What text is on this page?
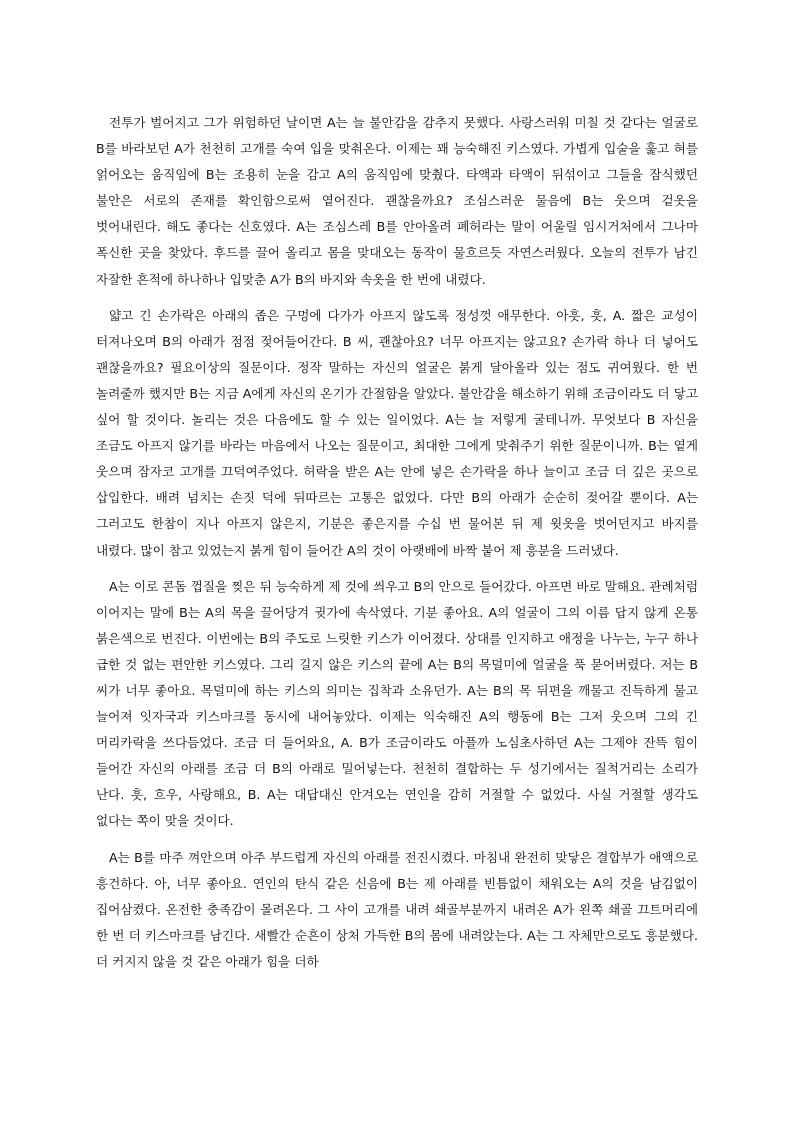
전투가 벌어지고 그가 위험하던 날이면 A는 늘 불안감을 감추지 못했다. 사랑스러워 미칠 것 같다는 얼굴로 B를 바라보던 A가 천천히 고개를 숙여 입을 맞춰온다. 이제는 꽤 능숙해진 키스였다. 가볍게 입술을 훑고 혀를 얽어오는 움직임에 B는 조용히 눈을 감고 A의 움직임에 맞췄다. 타액과 타액이 뒤섞이고 그들을 잠식했던 불안은 서로의 존재를 확인함으로써 옅어진다. 괜찮을까요? 조심스러운 물음에 B는 웃으며 겉옷을 벗어내린다. 해도 좋다는 신호였다. A는 조심스레 B를 안아올려 폐허라는 말이 어울릴 임시거처에서 그나마 폭신한 곳을 찾았다. 후드를 끌어 올리고 몸을 맞대오는 동작이 물흐르듯 자연스러웠다. 오늘의 전투가 남긴 자잘한 흔적에 하나하나 입맞춘 A가 B의 바지와 속옷을 한 번에 내렸다.

얇고 긴 손가락은 아래의 좁은 구멍에 다가가 아프지 않도록 정성껏 애무한다. 아흣, 흣, A. 짧은 교성이 터져나오며 B의 아래가 점점 젖어들어간다. B 씨, 괜찮아요? 너무 아프지는 않고요? 손가락 하나 더 넣어도 괜찮을까요? 필요이상의 질문이다. 정작 말하는 자신의 얼굴은 붉게 달아올라 있는 점도 귀여웠다. 한 번 놀려줄까 했지만 B는 지금 A에게 자신의 온기가 간절함을 알았다. 불안감을 해소하기 위해 조금이라도 더 닿고 싶어 할 것이다. 놀리는 것은 다음에도 할 수 있는 일이었다. A는 늘 저렇게 굴테니까. 무엇보다 B 자신을 조금도 아프지 않기를 바라는 마음에서 나오는 질문이고, 최대한 그에게 맞춰주기 위한 질문이니까. B는 옅게 웃으며 잠자코 고개를 끄덕여주었다. 허락을 받은 A는 안에 넣은 손가락을 하나 늘이고 조금 더 깊은 곳으로 삽입한다. 배려 넘치는 손짓 덕에 뒤따르는 고통은 없었다. 다만 B의 아래가 순순히 젖어갈 뿐이다. A는 그러고도 한참이 지나 아프지 않은지, 기분은 좋은지를 수십 번 물어본 뒤 제 윗옷을 벗어던지고 바지를 내렸다. 많이 참고 있었는지 붉게 힘이 들어간 A의 것이 아랫배에 바짝 붙어 제 흥분을 드러냈다.

A는 이로 콘돔 껍질을 찢은 뒤 능숙하게 제 것에 씌우고 B의 안으로 들어갔다. 아프면 바로 말해요. 관례처럼 이어지는 말에 B는 A의 목을 끌어당겨 귓가에 속삭였다. 기분 좋아요. A의 얼굴이 그의 이름 답지 않게 온통 붉은색으로 번진다. 이번에는 B의 주도로 느릿한 키스가 이어졌다. 상대를 인지하고 애정을 나누는, 누구 하나 급한 것 없는 편안한 키스였다. 그리 길지 않은 키스의 끝에 A는 B의 목덜미에 얼굴을 푹 묻어버렸다. 저는 B 씨가 너무 좋아요. 목덜미에 하는 키스의 의미는 집착과 소유던가. A는 B의 목 뒤편을 깨물고 진득하게 물고 늘어져 잇자국과 키스마크를 동시에 내어놓았다. 이제는 익숙해진 A의 행동에 B는 그저 웃으며 그의 긴 머리카락을 쓰다듬었다. 조금 더 들어와요, A. B가 조금이라도 아플까 노심초사하던 A는 그제야 잔뜩 힘이 들어간 자신의 아래를 조금 더 B의 아래로 밀어넣는다. 천천히 결합하는 두 성기에서는 질척거리는 소리가 난다. 흣, 흐우, 사랑해요, B. A는 대답대신 안겨오는 연인을 감히 거절할 수 없었다. 사실 거절할 생각도 없다는 쪽이 맞을 것이다.

A는 B를 마주 껴안으며 아주 부드럽게 자신의 아래를 전진시켰다. 마침내 완전히 맞닿은 결합부가 애액으로 흥건하다. 아, 너무 좋아요. 연인의 탄식 같은 신음에 B는 제 아래를 빈틈없이 채워오는 A의 것을 남김없이 집어삼켰다. 온전한 충족감이 몰려온다. 그 사이 고개를 내려 쇄골부분까지 내려온 A가 왼쪽 쇄골 끄트머리에 한 번 더 키스마크를 남긴다. 새빨간 순흔이 상처 가득한 B의 몸에 내려앉는다. A는 그 자체만으로도 흥분했다. 더 커지지 않을 것 같은 아래가 힘을 더하
